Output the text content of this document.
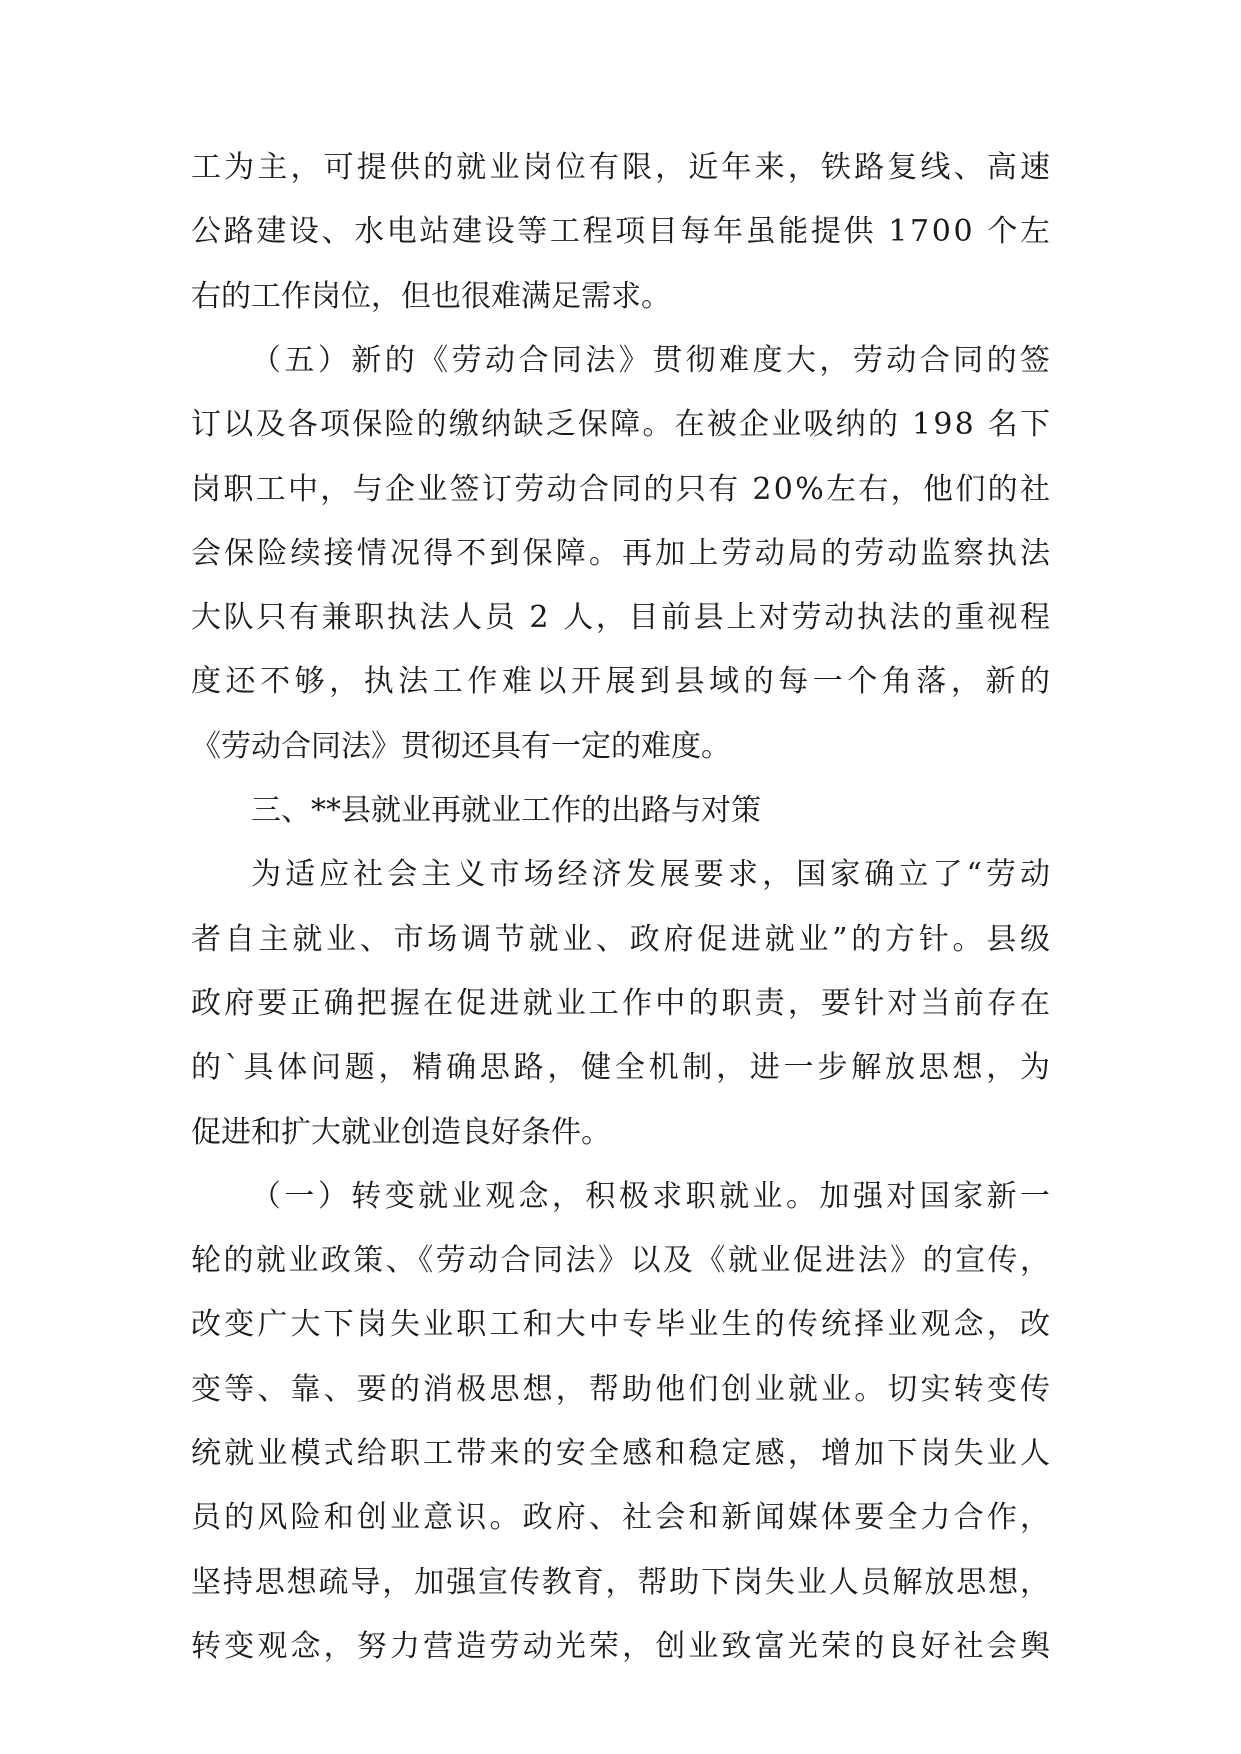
工为主，可提供的就业岗位有限，近年来，铁路复线、高速
公路建设、水电站建设等工程项目每年虽能提供 1700 个左
右的工作岗位，但也很难满足需求。
（五）新的《劳动合同法》贯彻难度大，劳动合同的签
订以及各项保险的缴纳缺乏保障。在被企业吸纳的 198 名下
岗职工中，与企业签订劳动合同的只有 20%左右，他们的社
会保险续接情况得不到保障。再加上劳动局的劳动监察执法
大队只有兼职执法人员 2 人，目前县上对劳动执法的重视程
度还不够，执法工作难以开展到县域的每一个角落，新的
《劳动合同法》贯彻还具有一定的难度。
三、**县就业再就业工作的出路与对策
为适应社会主义市场经济发展要求，国家确立了“劳动
者自主就业、市场调节就业、政府促进就业”的方针。县级
政府要正确把握在促进就业工作中的职责，要针对当前存在
的`具体问题，精确思路，健全机制，进一步解放思想，为
促进和扩大就业创造良好条件。
（一）转变就业观念，积极求职就业。加强对国家新一
轮的就业政策、《劳动合同法》以及《就业促进法》的宣传，
改变广大下岗失业职工和大中专毕业生的传统择业观念，改
变等、靠、要的消极思想，帮助他们创业就业。切实转变传
统就业模式给职工带来的安全感和稳定感，增加下岗失业人
员的风险和创业意识。政府、社会和新闻媒体要全力合作，
坚持思想疏导，加强宣传教育，帮助下岗失业人员解放思想，
转变观念，努力营造劳动光荣，创业致富光荣的良好社会舆
